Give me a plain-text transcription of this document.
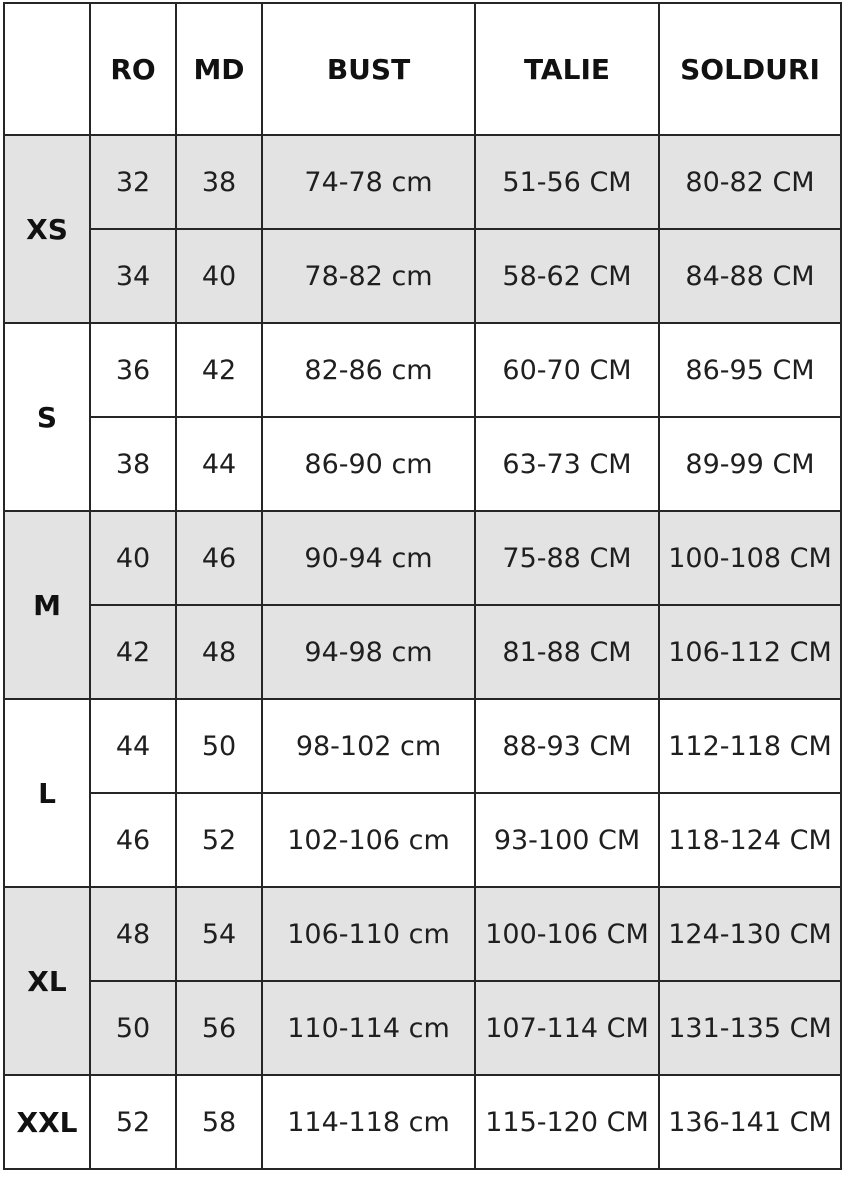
	RO	MD	BUST	TALIE	SOLDURI
XS	32	38	74-78 cm	51-56 CM	80-82 CM
	34	40	78-82 cm	58-62 CM	84-88 CM
S	36	42	82-86 cm	60-70 CM	86-95 CM
	38	44	86-90 cm	63-73 CM	89-99 CM
M	40	46	90-94 cm	75-88 CM	100-108 CM
	42	48	94-98 cm	81-88 CM	106-112 CM
L	44	50	98-102 cm	88-93 CM	112-118 CM
	46	52	102-106 cm	93-100 CM	118-124 CM
XL	48	54	106-110 cm	100-106 CM	124-130 CM
	50	56	110-114 cm	107-114 CM	131-135 CM
XXL	52	58	114-118 cm	115-120 CM	136-141 CM
